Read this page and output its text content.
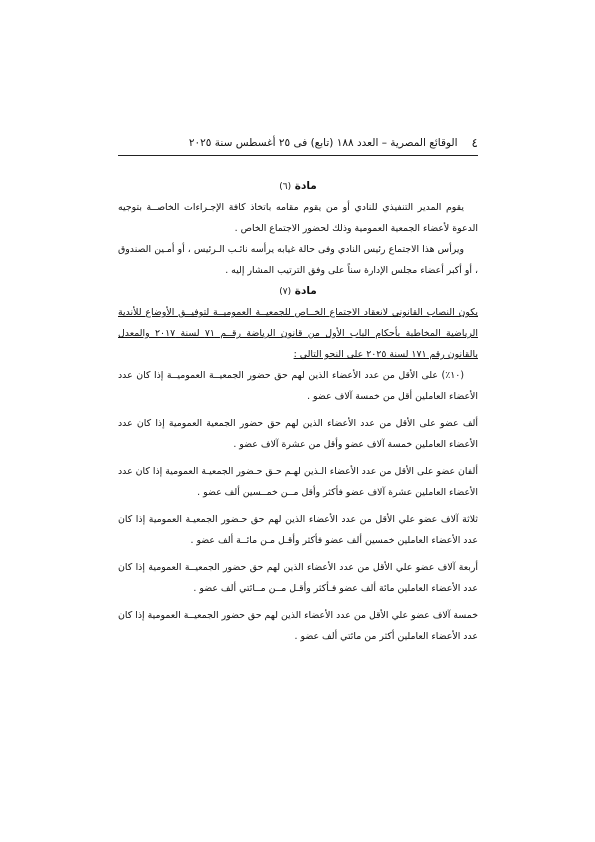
٤
الوقائع المصرية – العدد ١٨٨ (تابع) فى ٢٥ أغسطس سنة ٢٠٢٥
مادة (٦)

يقوم المدير التنفيذي للنادي أو من يقوم مقامه باتخاذ كافة الإجـراءات الخاصــة بتوجيه الدعوة لأعضاء الجمعية العمومية وذلك لحضور الاجتماع الخاص .

ويرأس هذا الاجتماع رئيس النادي وفى حالة غيابه يرأسه نائـب الـرئيس ، أو أمـين الصندوق ، أو أكبر أعضاء مجلس الإدارة سناً على وفق الترتيب المشار إليه .

مادة (٧)

يكون النصاب القانوني لانعقاد الاجتماع الخــاص للجمعيــة العموميــة لتوفيــق الأوضاع للأندية الرياضية المخاطبة بأحكام الباب الأول من قانون الرياضة رقــم ٧١ لسنة ٢٠١٧ والمعدل بالقانون رقم ١٧١ لسنة ٢٠٢٥ على النحو التالي :

(١٠٪) على الأقل من عدد الأعضاء الذين لهم حق حضور الجمعيــة العموميــة إذا كان عدد الأعضاء العاملين أقل من خمسة آلاف عضو .

ألف عضو على الأقل من عدد الأعضاء الذين لهم حق حضور الجمعية العمومية إذا كان عدد الأعضاء العاملين خمسة آلاف عضو وأقل من عشرة آلاف عضو .

ألفان عضو على الأقل من عدد الأعضاء الـذين لهـم حـق حـضور الجمعيـة العمومية إذا كان عدد الأعضاء العاملين عشرة آلاف عضو فأكثر وأقل مــن خمــسين ألف عضو .

ثلاثة آلاف عضو علي الأقل من عدد الأعضاء الذين لهم حق حـضور الجمعيـة العمومية إذا كان عدد الأعضاء العاملين خمسين ألف عضو فأكثر وأقـل مـن مائــة ألف عضو .

أربعة آلاف عضو علي الأقل من عدد الأعضاء الذين لهم حق حضور الجمعيــة العمومية إذا كان عدد الأعضاء العاملين مائة ألف عضو فـأكثر وأقـل مــن مــائتي ألف عضو .

خمسة آلاف عضو علي الأقل من عدد الأعضاء الذين لهم حق حضور الجمعيــة العمومية إذا كان عدد الأعضاء العاملين أكثر من مائتي ألف عضو .
